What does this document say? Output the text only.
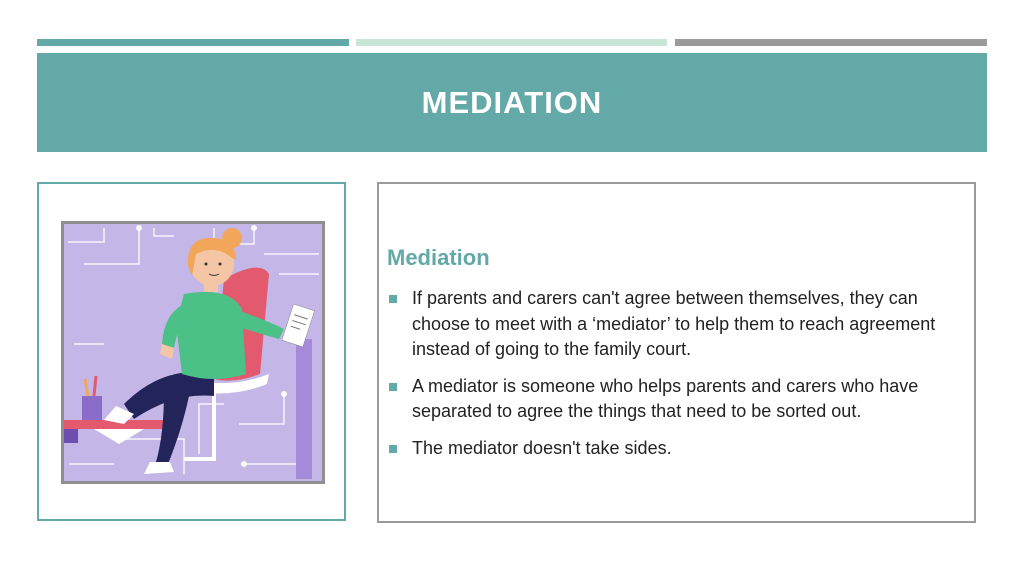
MEDIATION
Mediation
If parents and carers can't agree between themselves, they can choose to meet with a ‘mediator’ to help them to reach agreement instead of going to the family court.
A mediator is someone who helps parents and carers who have separated to agree the things that need to be sorted out.
The mediator doesn't take sides.
